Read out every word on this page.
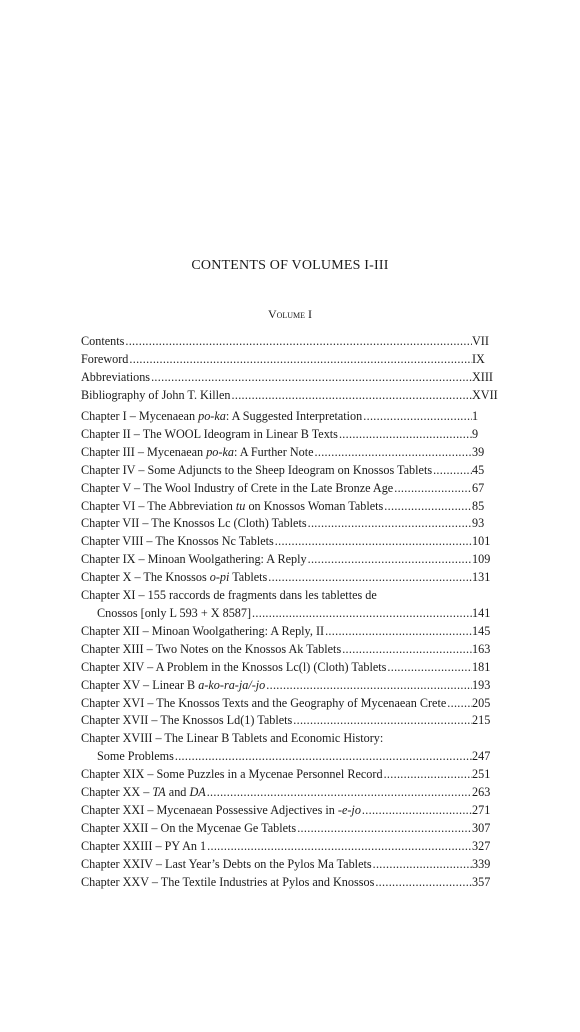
CONTENTS OF VOLUMES I-III
Volume I
Contents .....	VII
Foreword .....	IX
Abbreviations .....	XIII
Bibliography of John T. Killen .....	XVII
Chapter I – Mycenaean po-ka: A Suggested Interpretation .....	1
Chapter II – The WOOL Ideogram in Linear B Texts .....	9
Chapter III – Mycenaean po-ka: A Further Note .....	39
Chapter IV – Some Adjuncts to the Sheep Ideogram on Knossos Tablets .....	45
Chapter V – The Wool Industry of Crete in the Late Bronze Age .....	67
Chapter VI – The Abbreviation tu on Knossos Woman Tablets .....	85
Chapter VII – The Knossos Lc (Cloth) Tablets .....	93
Chapter VIII – The Knossos Nc Tablets .....	101
Chapter IX – Minoan Woolgathering: A Reply .....	109
Chapter X – The Knossos o-pi Tablets .....	131
Chapter XI – 155 raccords de fragments dans les tablettes de
Cnossos [only L 593 + X 8587] .....	141
Chapter XII – Minoan Woolgathering: A Reply, II .....	145
Chapter XIII – Two Notes on the Knossos Ak Tablets .....	163
Chapter XIV – A Problem in the Knossos Lc(l) (Cloth) Tablets .....	181
Chapter XV – Linear B a-ko-ra-ja/-jo .....	193
Chapter XVI – The Knossos Texts and the Geography of Mycenaean Crete ..... 205
Chapter XVII – The Knossos Ld(1) Tablets .....	215
Chapter XVIII – The Linear B Tablets and Economic History:
Some Problems .....	247
Chapter XIX – Some Puzzles in a Mycenae Personnel Record .....	251
Chapter XX – TA and DA .....	263
Chapter XXI – Mycenaean Possessive Adjectives in -e-jo .....	271
Chapter XXII – On the Mycenae Ge Tablets .....	307
Chapter XXIII – PY An 1 .....	327
Chapter XXIV – Last Year’s Debts on the Pylos Ma Tablets .....	339
Chapter XXV – The Textile Industries at Pylos and Knossos .....	357
